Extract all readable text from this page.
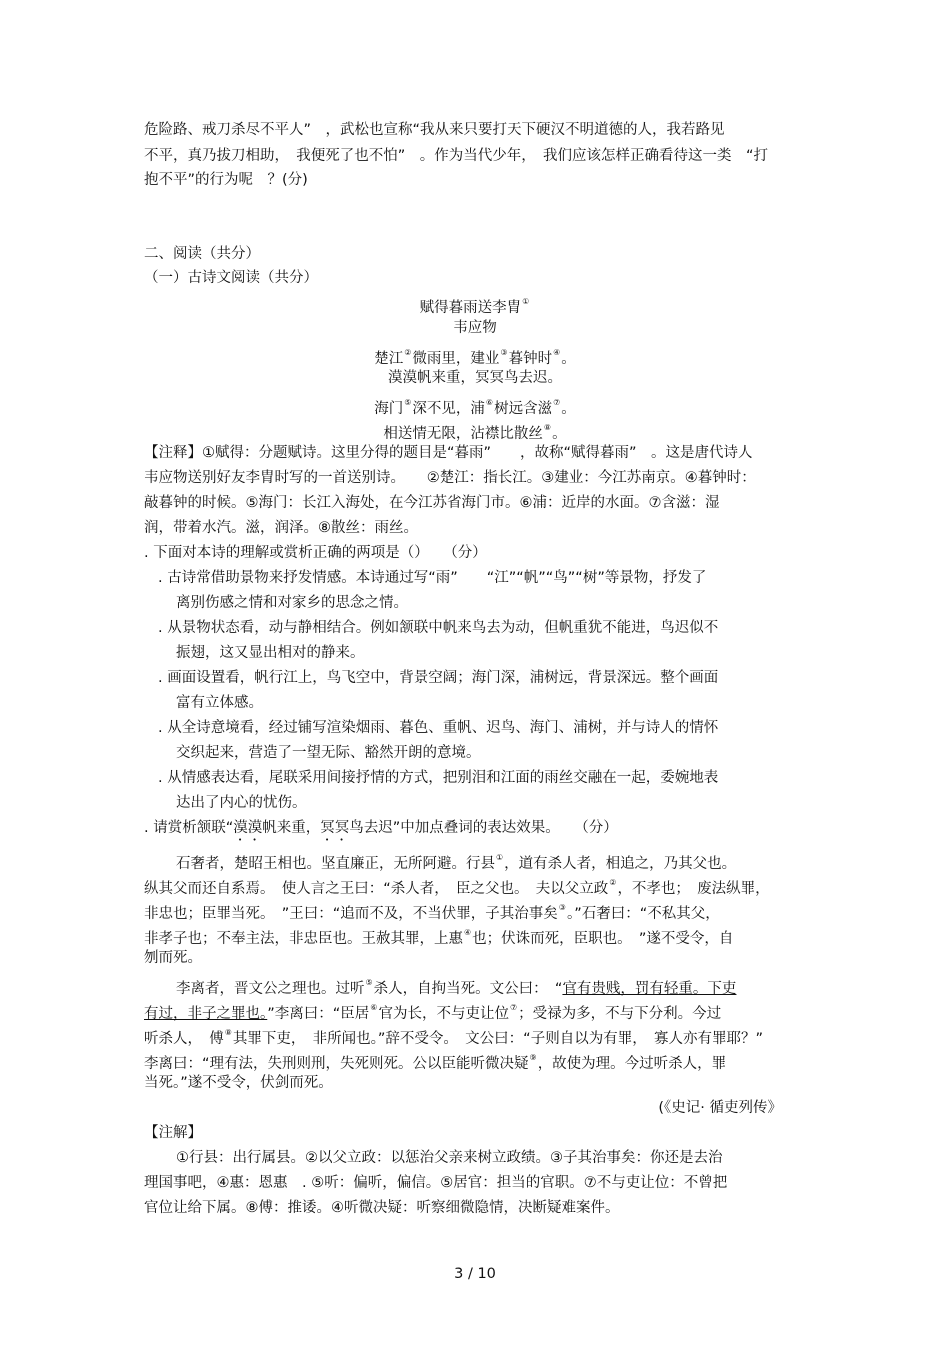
危险路、戒刀杀尽不平人”　，武松也宣称“我从来只要打天下硬汉不明道德的人，我若路见
不平，真乃拔刀相助，　我便死了也不怕”　。作为当代少年，　我们应该怎样正确看待这一类　“打
抱不平”的行为呢　？(分)
二、阅读（共分）
（一）古诗文阅读（共分）
赋得暮雨送李胄①
韦应物
楚江②微雨里，建业③暮钟时④。
漠漠帆来重，冥冥鸟去迟。
海门⑤深不见，浦⑥树远含滋⑦。
相送情无限，沾襟比散丝⑧。
【注释】①赋得：分题赋诗。这里分得的题目是“暮雨”　　，故称“赋得暮雨”　。这是唐代诗人
韦应物送别好友李胄时写的一首送别诗。　　②楚江：指长江。③建业：今江苏南京。④暮钟时：
敲暮钟的时候。⑤海门：长江入海处，在今江苏省海门市。⑥浦：近岸的水面。⑦含滋：湿
润，带着水汽。滋，润泽。⑧散丝：雨丝。
. 下面对本诗的理解或赏析正确的两项是（）　　（分）
. 古诗常借助景物来抒发情感。本诗通过写“雨”　　“江”“帆”“鸟”“树”等景物，抒发了
离别伤感之情和对家乡的思念之情。
. 从景物状态看，动与静相结合。例如颔联中帆来鸟去为动，但帆重犹不能进，鸟迟似不
振翅，这又显出相对的静来。
. 画面设置看，帆行江上，鸟飞空中，背景空阔；海门深，浦树远，背景深远。整个画面
富有立体感。
. 从全诗意境看，经过铺写渲染烟雨、暮色、重帆、迟鸟、海门、浦树，并与诗人的情怀
交织起来，营造了一望无际、豁然开朗的意境。
. 从情感表达看，尾联采用间接抒情的方式，把别泪和江面的雨丝交融在一起，委婉地表
达出了内心的忧伤。
. 请赏析颔联“漠漠帆来重，冥冥鸟去迟”中加点叠词的表达效果。　　（分）
石奢者，楚昭王相也。坚直廉正，无所阿避。行县①，道有杀人者，相追之，乃其父也。
纵其父而还自系焉。　使人言之王曰：“杀人者，　臣之父也。　夫以父立政②，不孝也；　废法纵罪，
非忠也；臣罪当死。　”王曰：“追而不及，不当伏罪，子其治事矣③。”石奢曰：“不私其父，
非孝子也；不奉主法，非忠臣也。王赦其罪，上惠④也；伏诛而死，臣职也。　”遂不受令，自
刎而死。
李离者，晋文公之理也。过听⑤杀人，自拘当死。文公曰：　“官有贵贱，罚有轻重。下吏
有过，非子之罪也。”李离曰：“臣居⑥官为长，不与吏让位⑦；受禄为多，不与下分利。今过
听杀人，　傅⑧其罪下吏，　非所闻也。”辞不受令。　文公曰：“子则自以为有罪，　寡人亦有罪耶？”
李离曰：“理有法，失刑则刑，失死则死。公以臣能听微决疑⑨，故使为理。今过听杀人，罪
当死。”遂不受令，伏剑而死。
(《史记· 循吏列传》
【注解】
①行县：出行属县。②以父立政：以惩治父亲来树立政绩。③子其治事矣：你还是去治
理国事吧，④惠：恩惠　. ⑤听：偏听，偏信。⑤居官：担当的官职。⑦不与吏让位：不曾把
官位让给下属。⑧傅：推诿。④听微决疑：听察细微隐情，决断疑难案件。
3 / 10
